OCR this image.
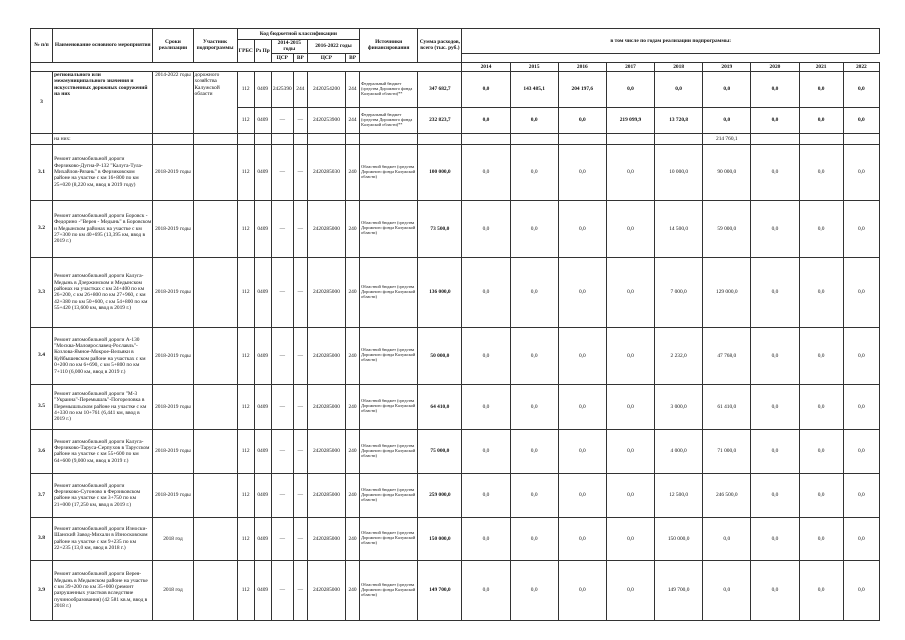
№ п/п	Наименование основного мероприятия	Сроки реализации	Участник подпрограммы	Код бюджетной классификации						Источники финансирования	Сумма расходов, всего (тыс. руб.)	в том числе по годам реализации подпрограммы:								
				ГРБС	Рз Пр	2014-2015 годы		2016-2022 годы												

						ЦСР	ВР	ЦСР	ВР											
												2014	2015	2016	2017	2018	2019	2020	2021	2022
3	регионального или межмуниципального значения и искусственных дорожных сооружений на них	2014-2022 годы	дорожного хозяйства Калужской области	112	0409	2425390	244	2420254200	244	Федеральный бюджет (средства Дорожного фонда Калужской области)**	347 682,7	0,0	143 485,1	204 197,6	0,0	0,0	0,0	0,0	0,0	0,0
				112	0409	—	—	2420253900	244	Федеральный бюджет (средства Дорожного фонда Калужской области)**	232 823,7	0,0	0,0	0,0	219 099,9	13 720,8	0,0	0,0	0,0	0,0
	на них:																214 760,1			
3.1	Ремонт автомобильной дороги Ферзиково-Дугна-Р-132 "Калуга-Тула-Михайлов-Рязань" в Ферзиковском районе на участке с км 16+800 по км 25+020 (8,220 км, ввод в 2019 году)	2018-2019 годы		112	0409	—	—	2420285030	240	Областной бюджет (средства Дорожного фонда Калужской области)	100 000,0	0,0	0,0	0,0	0,0	10 000,0	90 000,0	0,0	0,0	0,0
3.2	Ремонт автомобильной дороги Боровск - Федорино -"Верея - Медынь" в Боровском и Медынском районах на участке с км 27+300 по км 40+695 (13,395 км, ввод в 2019 г.)	2018-2019 годы		112	0409	—	—	2420285000	240	Областной бюджет (средства Дорожного фонда Калужской области)	73 500,0	0,0	0,0	0,0	0,0	14 500,0	59 000,0	0,0	0,0	0,0
3.3	Ремонт автомобильной дороги Калуга-Медынь в Дзержинском и Медынском районах на участках с км 24+400 по км 26+200, с км 26+800 по км 27+960, с км 42+380 по км 50+600, с км 54+800 по км 55+420 (13,600 км, ввод в 2019 г.)	2018-2019 годы		112	0409	—	—	2420285000	240	Областной бюджет (средства Дорожного фонда Калужской области)	136 000,0	0,0	0,0	0,0	0,0	7 000,0	129 000,0	0,0	0,0	0,0
3.4	Ремонт автомобильной дороги А-130 "Москва-Малоярославец-Рославль"-Козлова-Ямное-Мокрое-Вельяки в Куйбышевском районе на участках с км 0+200 по км 6+690, с км 5+800 по км 7+110 (6,000 км, ввод в 2019 г.)	2018-2019 годы		112	0409	—	—	2420285000	240	Областной бюджет (средства Дорожного фонда Калужской области)	50 000,0	0,0	0,0	0,0	0,0	2 232,0	47 768,0	0,0	0,0	0,0
3.5	Ремонт автомобильной дороги "М-3 "Украина"-Перемышль"-Погореловка в Перемышльском районе на участке с км 4+330 по км 10+761 (6,441 км, ввод в 2019 г.)	2018-2019 годы		112	0409	—	—	2420285000	240	Областной бюджет (средства Дорожного фонда Калужской области)	64 410,0	0,0	0,0	0,0	0,0	3 000,0	61 410,0	0,0	0,0	0,0
3.6	Ремонт автомобильной дороги Калуга-Ферзиково-Таруса-Серпухов в Тарусском районе на участке с км 55+600 по км 64+600 (9,000 км, ввод в 2019 г.)	2018-2019 годы		112	0409	—	—	2420285000	240	Областной бюджет (средства Дорожного фонда Калужской области)	75 000,0	0,0	0,0	0,0	0,0	4 000,0	71 000,0	0,0	0,0	0,0
3.7	Ремонт автомобильной дороги Ферзиково-Сугоново в Ферзиковском районе на участке с км 3+750 по км 21+000 (17,250 км, ввод в 2019 г.)	2018-2019 годы		112	0409	—	—	2420285000	240	Областной бюджет (средства Дорожного фонда Калужской области)	259 000,0	0,0	0,0	0,0	0,0	12 500,0	246 500,0	0,0	0,0	0,0
3.8	Ремонт автомобильной дороги Износки-Шанский Завод-Михали в Износковском районе на участке с км 9+235 по км 22+235 (13,0 км, ввод в 2018 г.)	2018 год		112	0409	—	—	2420285000	240	Областной бюджет (средства Дорожного фонда Калужской области)	150 000,0	0,0	0,0	0,0	0,0	150 000,0	0,0	0,0	0,0	0,0
3.9	Ремонт автомобильной дороги Верея-Медынь в Медынском районе на участке с км 39+200 по км 35+000 (ремонт разрушенных участков вследствие пучинообразования) (42 581 кв.м, ввод в 2018 г.)	2018 год		112	0409	—	—	2420285000	240	Областной бюджет (средства Дорожного фонда Калужской области)	149 700,0	0,0	0,0	0,0	0,0	149 700,0	0,0	0,0	0,0	0,0
